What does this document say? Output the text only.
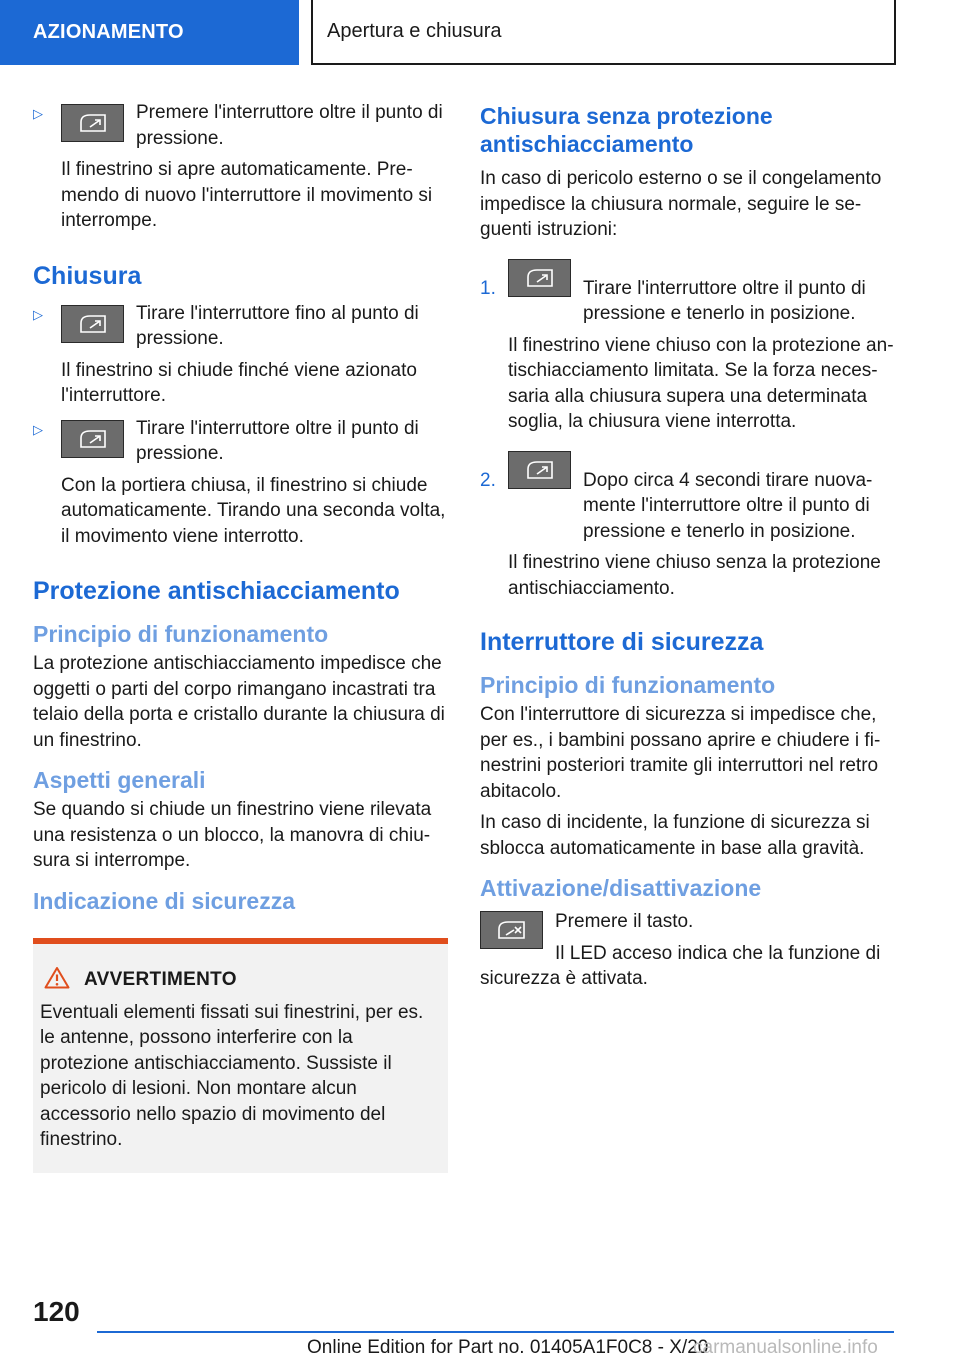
AZIONAMENTO	Apertura e chiusura
▷	Premere l'interruttore oltre il punto di pressione.

Il finestrino si apre automaticamente. Premendo di nuovo l'interruttore il movimento si interrompe.

Chiusura
▷	Tirare l'interruttore fino al punto di pressione.

Il finestrino si chiude finché viene azionato l'interruttore.

▷	Tirare l'interruttore oltre il punto di pressione.

Con la portiera chiusa, il finestrino si chiude automaticamente. Tirando una seconda volta, il movimento viene interrotto.

Protezione antischiacciamento
Principio di funzionamento

La protezione antischiacciamento impedisce che oggetti o parti del corpo rimangano incastrati tra telaio della porta e cristallo durante la chiusura di un finestrino.

Aspetti generali

Se quando si chiude un finestrino viene rilevata una resistenza o un blocco, la manovra di chiusura si interrompe.

Indicazione di sicurezza
AVVERTIMENTO

Eventuali elementi fissati sui finestrini, per es. le antenne, possono interferire con la protezione antischiacciamento. Sussiste il pericolo di lesioni. Non montare alcun accessorio nello spazio di movimento del finestrino.

Chiusura senza protezione antischiacciamento

In caso di pericolo esterno o se il congelamento impedisce la chiusura normale, seguire le seguenti istruzioni:

1.	Tirare l'interruttore oltre il punto di pressione e tenerlo in posizione.

Il finestrino viene chiuso con la protezione antischiacciamento limitata. Se la forza necessaria alla chiusura supera una determinata soglia, la chiusura viene interrotta.

2.	Dopo circa 4 secondi tirare nuovamente l'interruttore oltre il punto di pressione e tenerlo in posizione.

Il finestrino viene chiuso senza la protezione antischiacciamento.

Interruttore di sicurezza
Principio di funzionamento

Con l'interruttore di sicurezza si impedisce che, per es., i bambini possano aprire e chiudere i finestrini posteriori tramite gli interruttori nel retro abitacolo.

In caso di incidente, la funzione di sicurezza si sblocca automaticamente in base alla gravità.

Attivazione/disattivazione

Premere il tasto.

Il LED acceso indica che la funzione di sicurezza è attivata.

120
Online Edition for Part no. 01405A1F0C8 - X/20
carmanualsonline.info
